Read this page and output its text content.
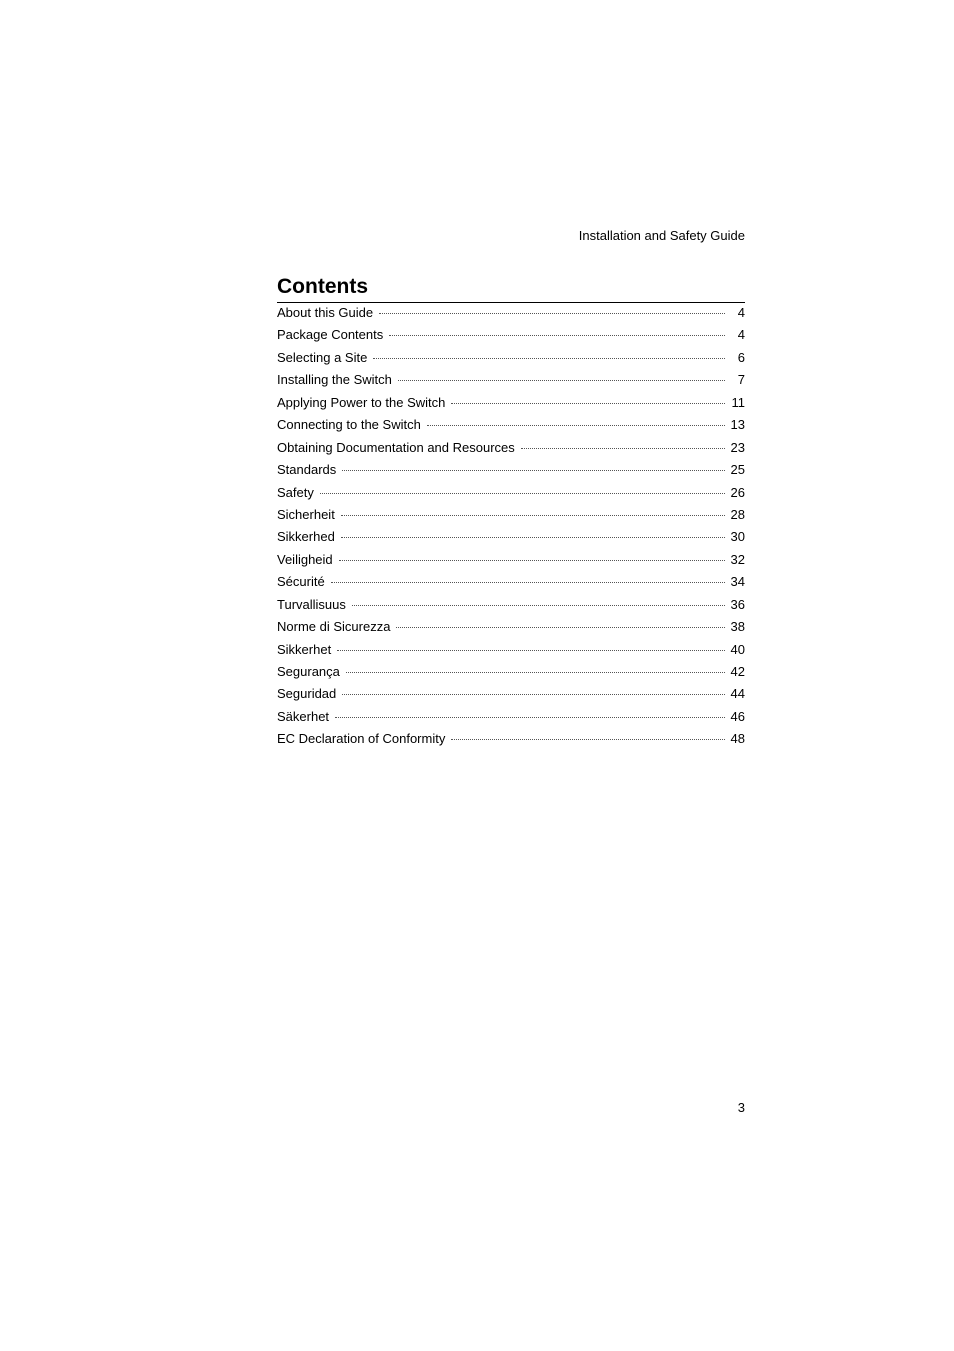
Installation and Safety Guide
Contents
About this Guide	4
Package Contents	4
Selecting a Site	6
Installing the Switch	7
Applying Power to the Switch	11
Connecting to the Switch	13
Obtaining Documentation and Resources	23
Standards	25
Safety	26
Sicherheit	28
Sikkerhed	30
Veiligheid	32
Sécurité	34
Turvallisuus	36
Norme di Sicurezza	38
Sikkerhet	40
Segurança	42
Seguridad	44
Säkerhet	46
EC Declaration of Conformity	48
3
